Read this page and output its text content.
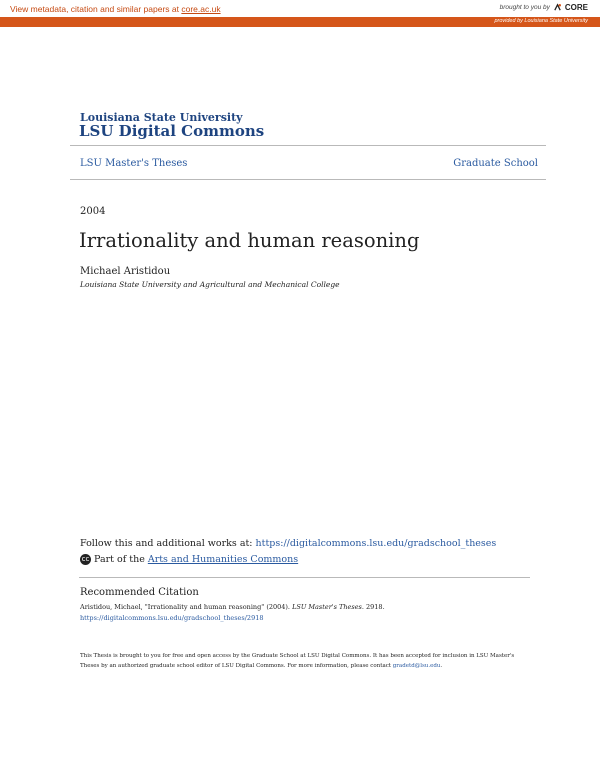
View metadata, citation and similar papers at core.ac.uk	brought to you by CORE
provided by Louisiana State University
Louisiana State University
LSU Digital Commons
LSU Master's Theses	Graduate School
2004
Irrationality and human reasoning
Michael Aristidou
Louisiana State University and Agricultural and Mechanical College
Follow this and additional works at: https://digitalcommons.lsu.edu/gradschool_theses
cc Part of the Arts and Humanities Commons
Recommended Citation
Aristidou, Michael, "Irrationality and human reasoning" (2004). LSU Master's Theses. 2918.
https://digitalcommons.lsu.edu/gradschool_theses/2918
This Thesis is brought to you for free and open access by the Graduate School at LSU Digital Commons. It has been accepted for inclusion in LSU Master's Theses by an authorized graduate school editor of LSU Digital Commons. For more information, please contact gradetd@lsu.edu.
